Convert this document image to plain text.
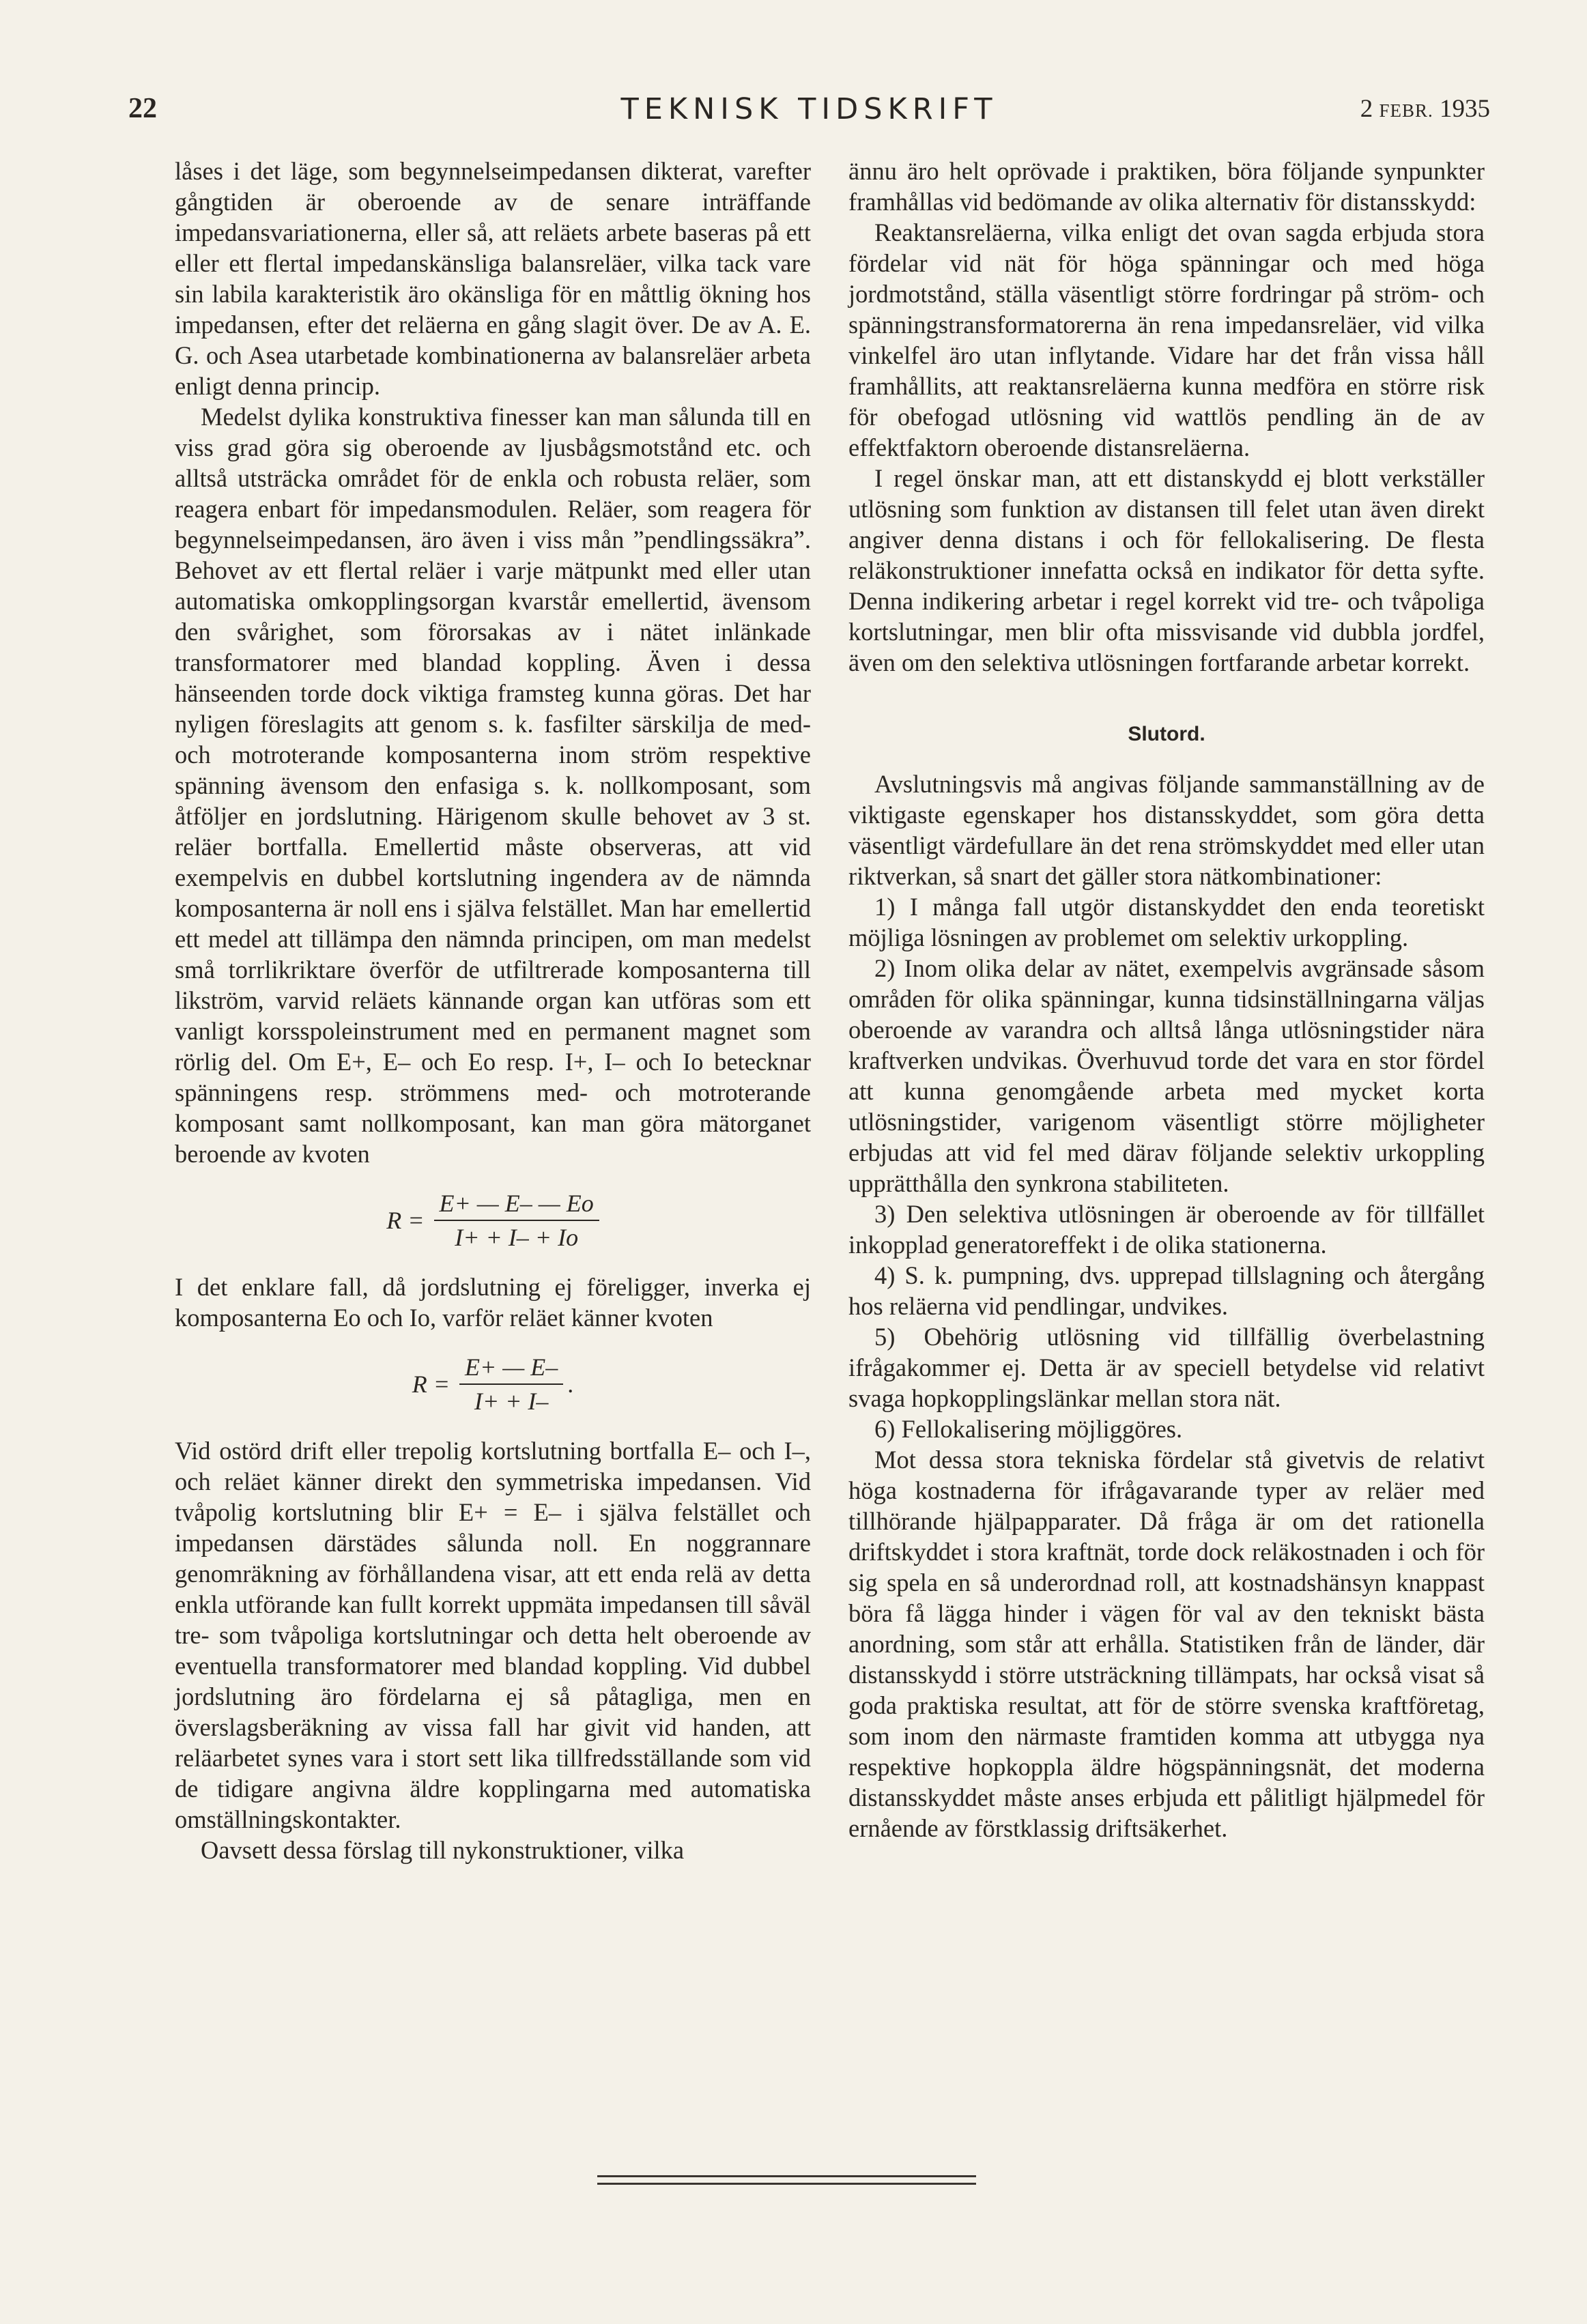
22	TEKNISK TIDSKRIFT	2 FEBR. 1935

låses i det läge, som begynnelseimpedansen dikterat, varefter gångtiden är oberoende av de senare inträffande impedansvariationerna, eller så, att reläets arbete baseras på ett eller ett flertal impedanskänsliga balansreläer, vilka tack vare sin labila karakteristik äro okänsliga för en måttlig ökning hos impedansen, efter det reläerna en gång slagit över. De av A. E. G. och Asea utarbetade kombinationerna av balansreläer arbeta enligt denna princip.

Medelst dylika konstruktiva finesser kan man sålunda till en viss grad göra sig oberoende av ljusbågsmotstånd etc. och alltså utsträcka området för de enkla och robusta reläer, som reagera enbart för impedansmodulen. Reläer, som reagera för begynnelseimpedansen, äro även i viss mån ”pendlingssäkra”. Behovet av ett flertal reläer i varje mätpunkt med eller utan automatiska omkopplingsorgan kvarstår emellertid, ävensom den svårighet, som förorsakas av i nätet inlänkade transformatorer med blandad koppling. Även i dessa hänseenden torde dock viktiga framsteg kunna göras. Det har nyligen föreslagits att genom s. k. fasfilter särskilja de med- och motroterande komposanterna inom ström respektive spänning ävensom den enfasiga s. k. nollkomposant, som åtföljer en jordslutning. Härigenom skulle behovet av 3 st. reläer bortfalla. Emellertid måste observeras, att vid exempelvis en dubbel kortslutning ingendera av de nämnda komposanterna är noll ens i själva felstället. Man har emellertid ett medel att tillämpa den nämnda principen, om man medelst små torrlikriktare överför de utfiltrerade komposanterna till likström, varvid reläets kännande organ kan utföras som ett vanligt korsspoleinstrument med en permanent magnet som rörlig del. Om E+, E– och Eo resp. I+, I– och Io betecknar spänningens resp. strömmens med- och motroterande komposant samt nollkomposant, kan man göra mätorganet beroende av kvoten

$R = \frac{E+ — E- — Eo}{I+ + I- + Io}$

I det enklare fall, då jordslutning ej föreligger, inverka ej komposanterna Eo och Io, varför reläet känner kvoten

$R = \frac{E+ — E-}{I+ + I-}$ .

Vid ostörd drift eller trepolig kortslutning bortfalla E– och I–, och reläet känner direkt den symmetriska impedansen. Vid tvåpolig kortslutning blir E+ = E– i själva felstället och impedansen därstädes sålunda noll. En noggrannare genomräkning av förhållandena visar, att ett enda relä av detta enkla utförande kan fullt korrekt uppmäta impedansen till såväl tre- som tvåpoliga kortslutningar och detta helt oberoende av eventuella transformatorer med blandad koppling. Vid dubbel jordslutning äro fördelarna ej så påtagliga, men en överslagsberäkning av vissa fall har givit vid handen, att reläarbetet synes vara i stort sett lika tillfredsställande som vid de tidigare angivna äldre kopplingarna med automatiska omställningskontakter.

Oavsett dessa förslag till nykonstruktioner, vilka

ännu äro helt oprövade i praktiken, böra följande synpunkter framhållas vid bedömande av olika alternativ för distansskydd:

Reaktansreläerna, vilka enligt det ovan sagda erbjuda stora fördelar vid nät för höga spänningar och med höga jordmotstånd, ställa väsentligt större fordringar på ström- och spänningstransformatorerna än rena impedansreläer, vid vilka vinkelfel äro utan inflytande. Vidare har det från vissa håll framhållits, att reaktansreläerna kunna medföra en större risk för obefogad utlösning vid wattlös pendling än de av effektfaktorn oberoende distansreläerna.

I regel önskar man, att ett distanskydd ej blott verkställer utlösning som funktion av distansen till felet utan även direkt angiver denna distans i och för fellokalisering. De flesta reläkonstruktioner innefatta också en indikator för detta syfte. Denna indikering arbetar i regel korrekt vid tre- och tvåpoliga kortslutningar, men blir ofta missvisande vid dubbla jordfel, även om den selektiva utlösningen fortfarande arbetar korrekt.

Slutord.

Avslutningsvis må angivas följande sammanställning av de viktigaste egenskaper hos distansskyddet, som göra detta väsentligt värdefullare än det rena strömskyddet med eller utan riktverkan, så snart det gäller stora nätkombinationer:

1) I många fall utgör distanskyddet den enda teoretiskt möjliga lösningen av problemet om selektiv urkoppling.

2) Inom olika delar av nätet, exempelvis avgränsade såsom områden för olika spänningar, kunna tidsinställningarna väljas oberoende av varandra och alltså långa utlösningstider nära kraftverken undvikas. Överhuvud torde det vara en stor fördel att kunna genomgående arbeta med mycket korta utlösningstider, varigenom väsentligt större möjligheter erbjudas att vid fel med därav följande selektiv urkoppling upprätthålla den synkrona stabiliteten.

3) Den selektiva utlösningen är oberoende av för tillfället inkopplad generatoreffekt i de olika stationerna.

4) S. k. pumpning, dvs. upprepad tillslagning och återgång hos reläerna vid pendlingar, undvikes.

5) Obehörig utlösning vid tillfällig överbelastning ifrågakommer ej. Detta är av speciell betydelse vid relativt svaga hopkopplingslänkar mellan stora nät.

6) Fellokalisering möjliggöres.

Mot dessa stora tekniska fördelar stå givetvis de relativt höga kostnaderna för ifrågavarande typer av reläer med tillhörande hjälpapparater. Då fråga är om det rationella driftskyddet i stora kraftnät, torde dock reläkostnaden i och för sig spela en så underordnad roll, att kostnadshänsyn knappast böra få lägga hinder i vägen för val av den tekniskt bästa anordning, som står att erhålla. Statistiken från de länder, där distansskydd i större utsträckning tillämpats, har också visat så goda praktiska resultat, att för de större svenska kraftföretag, som inom den närmaste framtiden komma att utbygga nya respektive hopkoppla äldre högspänningsnät, det moderna distansskyddet måste anses erbjuda ett pålitligt hjälpmedel för ernående av förstklassig driftsäkerhet.
